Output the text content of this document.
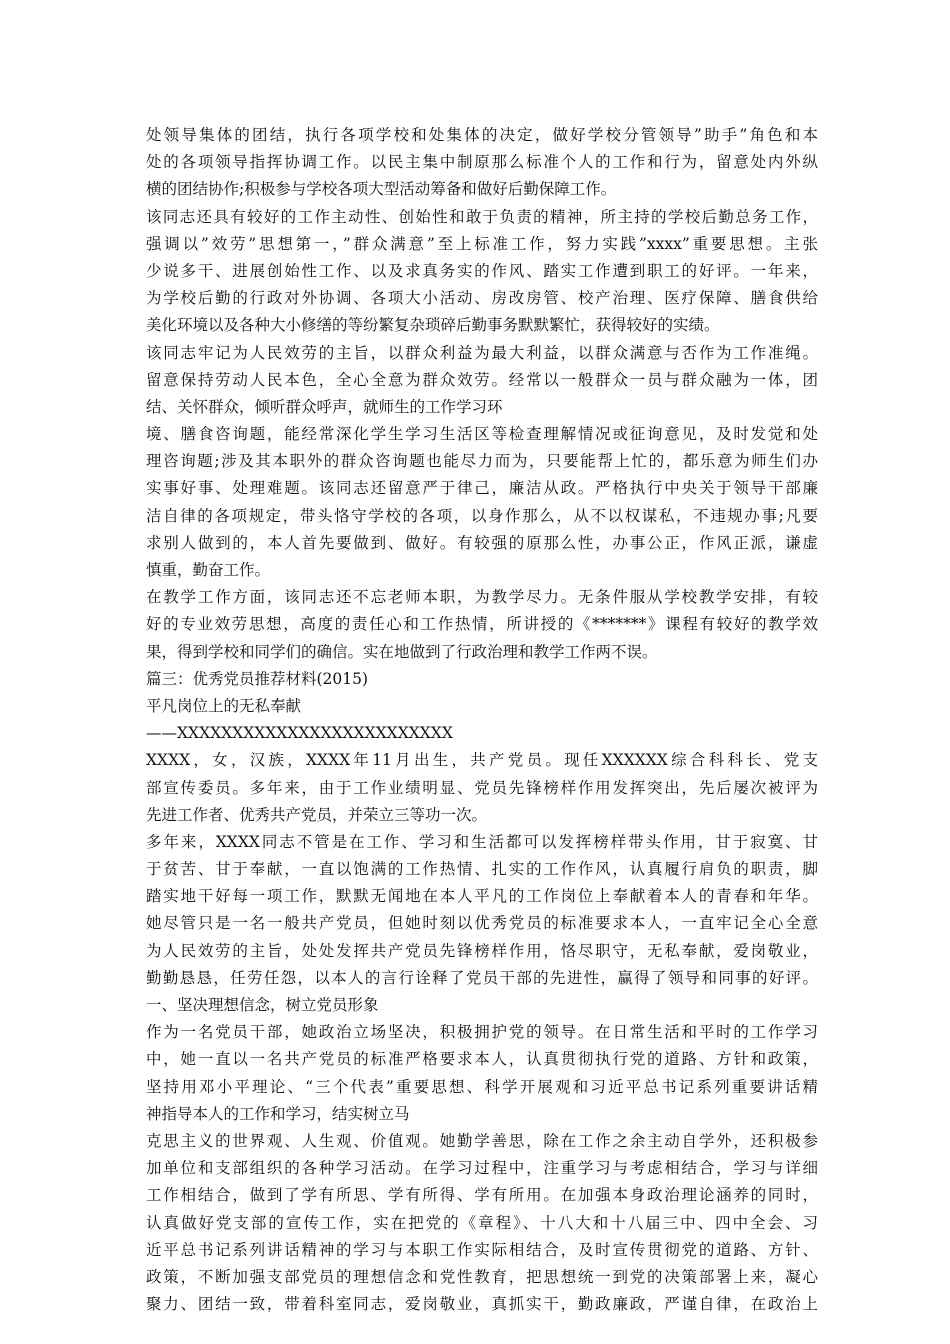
处领导集体的团结，执行各项学校和处集体的决定，做好学校分管领导”助手”角色和本
处的各项领导指挥协调工作。以民主集中制原那么标准个人的工作和行为，留意处内外纵
横的团结协作;积极参与学校各项大型活动筹备和做好后勤保障工作。
该同志还具有较好的工作主动性、创始性和敢于负责的精神，所主持的学校后勤总务工作，
强调以”效劳”思想第一，”群众满意”至上标准工作，努力实践”xxxx”重要思想。主张
少说多干、进展创始性工作、以及求真务实的作风、踏实工作遭到职工的好评。一年来，
为学校后勤的行政对外协调、各项大小活动、房改房管、校产治理、医疗保障、膳食供给
美化环境以及各种大小修缮的等纷繁复杂琐碎后勤事务默默繁忙，获得较好的实绩。
该同志牢记为人民效劳的主旨，以群众利益为最大利益，以群众满意与否作为工作准绳。
留意保持劳动人民本色，全心全意为群众效劳。经常以一般群众一员与群众融为一体，团
结、关怀群众，倾听群众呼声，就师生的工作学习环
境、膳食咨询题，能经常深化学生学习生活区等检查理解情况或征询意见，及时发觉和处
理咨询题;涉及其本职外的群众咨询题也能尽力而为，只要能帮上忙的，都乐意为师生们办
实事好事、处理难题。该同志还留意严于律己，廉洁从政。严格执行中央关于领导干部廉
洁自律的各项规定，带头恪守学校的各项，以身作那么，从不以权谋私，不违规办事;凡要
求别人做到的，本人首先要做到、做好。有较强的原那么性，办事公正，作风正派，谦虚
慎重，勤奋工作。
在教学工作方面，该同志还不忘老师本职，为教学尽力。无条件服从学校教学安排，有较
好的专业效劳思想，高度的责任心和工作热情，所讲授的《*******》课程有较好的教学效
果，得到学校和同学们的确信。实在地做到了行政治理和教学工作两不误。
篇三：优秀党员推荐材料(2015)
平凡岗位上的无私奉献
——XXXXXXXXXXXXXXXXXXXXXXXXX
XXXX，女，汉族，XXXX年11月出生，共产党员。现任XXXXXX综合科科长、党支
部宣传委员。多年来，由于工作业绩明显、党员先锋榜样作用发挥突出，先后屡次被评为
先进工作者、优秀共产党员，并荣立三等功一次。
多年来，XXXX同志不管是在工作、学习和生活都可以发挥榜样带头作用，甘于寂寞、甘
于贫苦、甘于奉献，一直以饱满的工作热情、扎实的工作作风，认真履行肩负的职责，脚
踏实地干好每一项工作，默默无闻地在本人平凡的工作岗位上奉献着本人的青春和年华。
她尽管只是一名一般共产党员，但她时刻以优秀党员的标准要求本人，一直牢记全心全意
为人民效劳的主旨，处处发挥共产党员先锋榜样作用，恪尽职守，无私奉献，爱岗敬业，
勤勤恳恳，任劳任怨，以本人的言行诠释了党员干部的先进性，赢得了领导和同事的好评。
一、坚决理想信念，树立党员形象
作为一名党员干部，她政治立场坚决，积极拥护党的领导。在日常生活和平时的工作学习
中，她一直以一名共产党员的标准严格要求本人，认真贯彻执行党的道路、方针和政策，
坚持用邓小平理论、“三个代表”重要思想、科学开展观和习近平总书记系列重要讲话精
神指导本人的工作和学习，结实树立马
克思主义的世界观、人生观、价值观。她勤学善思，除在工作之余主动自学外，还积极参
加单位和支部组织的各种学习活动。在学习过程中，注重学习与考虑相结合，学习与详细
工作相结合，做到了学有所思、学有所得、学有所用。在加强本身政治理论涵养的同时，
认真做好党支部的宣传工作，实在把党的《章程》、十八大和十八届三中、四中全会、习
近平总书记系列讲话精神的学习与本职工作实际相结合，及时宣传贯彻党的道路、方针、
政策，不断加强支部党员的理想信念和党性教育，把思想统一到党的决策部署上来，凝心
聚力、团结一致，带着科室同志，爱岗敬业，真抓实干，勤政廉政，严谨自律，在政治上
